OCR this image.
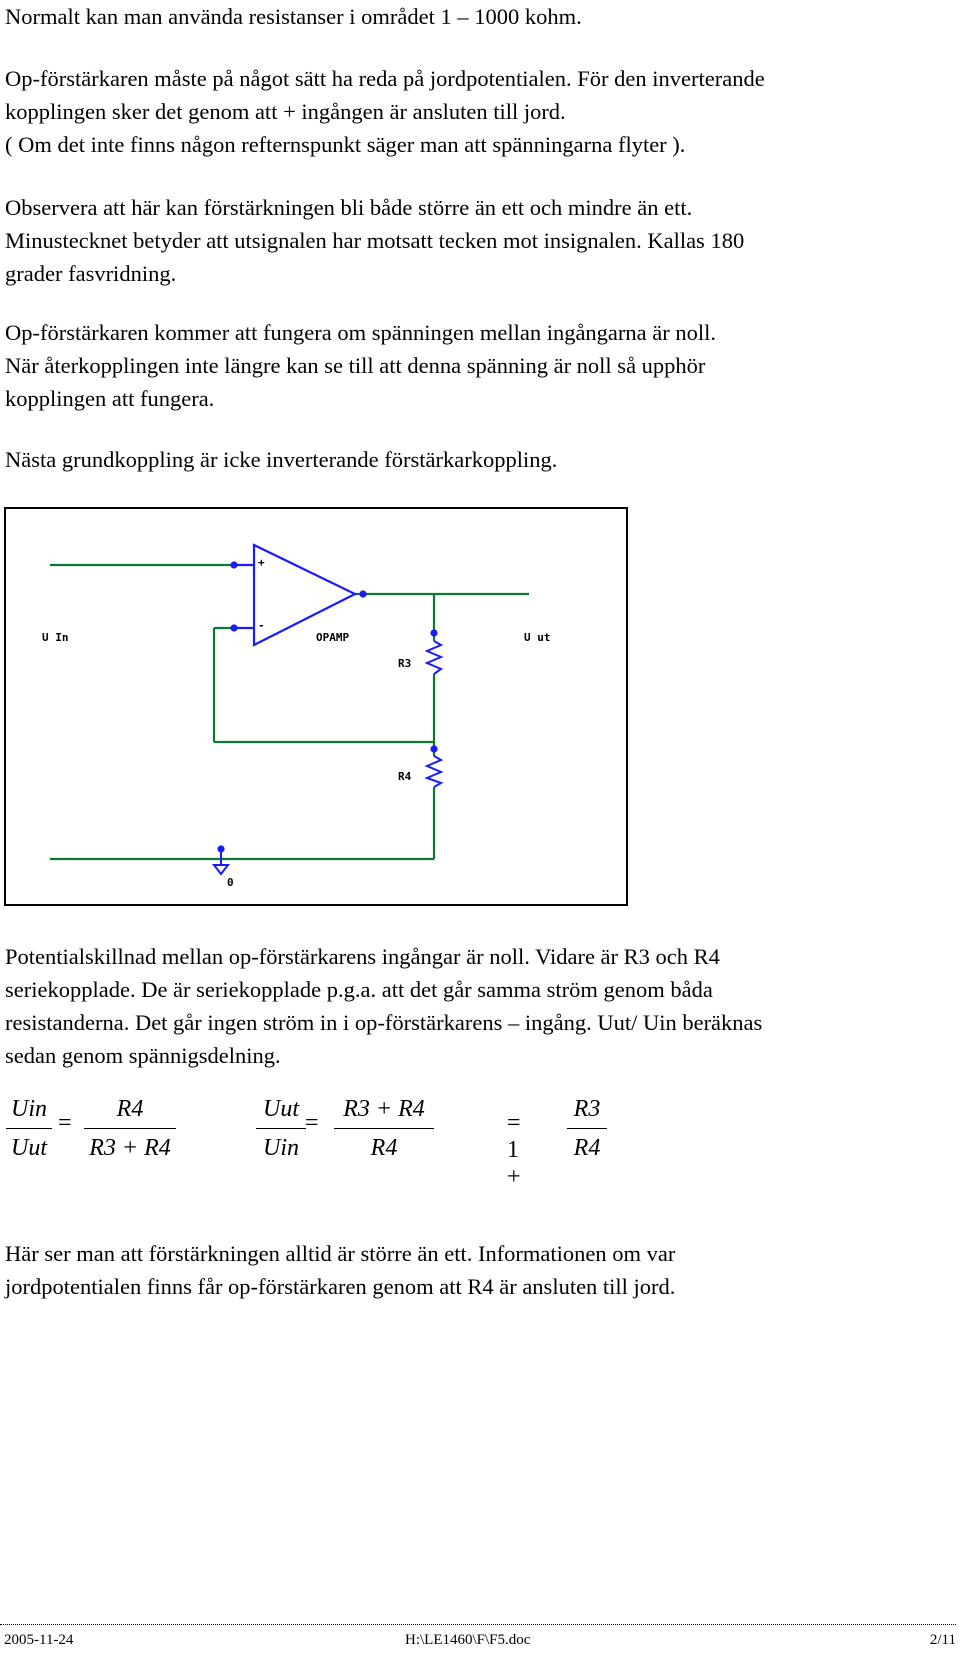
Normalt kan man använda resistanser i området 1 – 1000 kohm.
Op-förstärkaren måste på något sätt ha reda på jordpotentialen. För den inverterande
kopplingen sker det genom att + ingången är ansluten till jord.
( Om det inte finns någon refternspunkt säger man att spänningarna flyter ).
Observera att här kan förstärkningen bli både större än ett och mindre än ett.
Minustecknet betyder att utsignalen har motsatt tecken mot insignalen. Kallas 180
grader fasvridning.
Op-förstärkaren kommer att fungera om spänningen mellan ingångarna är noll.
När återkopplingen inte längre kan se till att denna spänning är noll så upphör
kopplingen att fungera.
Nästa grundkoppling är icke inverterande förstärkarkoppling.
Potentialskillnad mellan op-förstärkarens ingångar är noll. Vidare är R3 och R4
seriekopplade. De är seriekopplade p.g.a. att det går samma ström genom båda
resistanderna. Det går ingen ström in i op-förstärkarens – ingång. Uut/ Uin beräknas
sedan genom spännigsdelning.
Här ser man att förstärkningen alltid är större än ett. Informationen om var
jordpotentialen finns får op-förstärkaren genom att R4 är ansluten till jord.
U In	U ut
OPAMP
+
-
R3
R4
0
Uin
Uut
=
R4
R3 + R4
Uut
Uin
=
R3 + R4
R4
= 1 +
R3
R4
2005-11-24	H:\LE1460\F\F5.doc	2/11
